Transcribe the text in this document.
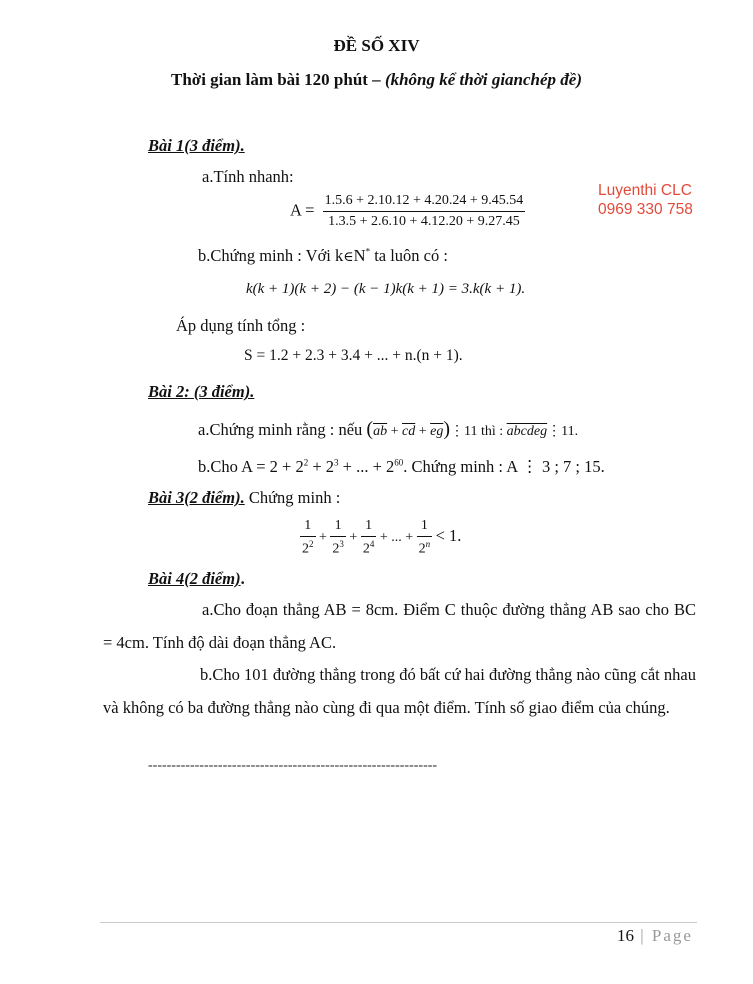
ĐỀ SỐ XIV
Thời gian làm bài 120 phút – (không kể thời gianchép đề)
Luyenthi CLC
0969 330 758
Bài 1(3 điểm).
a.Tính nhanh:
$A = \frac{1.5.6 + 2.10.12 + 4.20.24 + 9.45.54}{1.3.5 + 2.6.10 + 4.12.20 + 9.27.45}$
b.Chứng minh : Với k∈N* ta luôn có :
k(k + 1)(k + 2) − (k − 1)k(k + 1) = 3.k(k + 1).
Áp dụng tính tổng :
S = 1.2 + 2.3 + 3.4 + ... + n.(n + 1).
Bài 2: (3 điểm).
a.Chứng minh rằng : nếu ($\overline{ab} + \overline{cd}$ + $\overline{eg})⋮11$ thì : abcdeg⋮11.
b.Cho $A = 2 + 2^2 + 2^3$ + ... + $2^{60}$. Chứng minh : A ⋮ 3 ; 7 ; 15.
Bài 3(2 điểm). Chứng minh :
$\frac{1}{2^2} + \frac{1}{2^3} + \frac{1}{2^4}$ + ... + $\frac{1}{2^n} < 1$.
Bài 4(2 điểm).
a.Cho đoạn thẳng AB = 8cm. Điểm C thuộc đường thẳng AB sao cho BC = 4cm. Tính độ dài đoạn thẳng AC.
b.Cho 101 đường thẳng trong đó bất cứ hai đường thẳng nào cũng cắt nhau và không có ba đường thẳng nào cùng đi qua một điểm. Tính số giao điểm của chúng.
--------------------------------------------------------------
16 | Page
